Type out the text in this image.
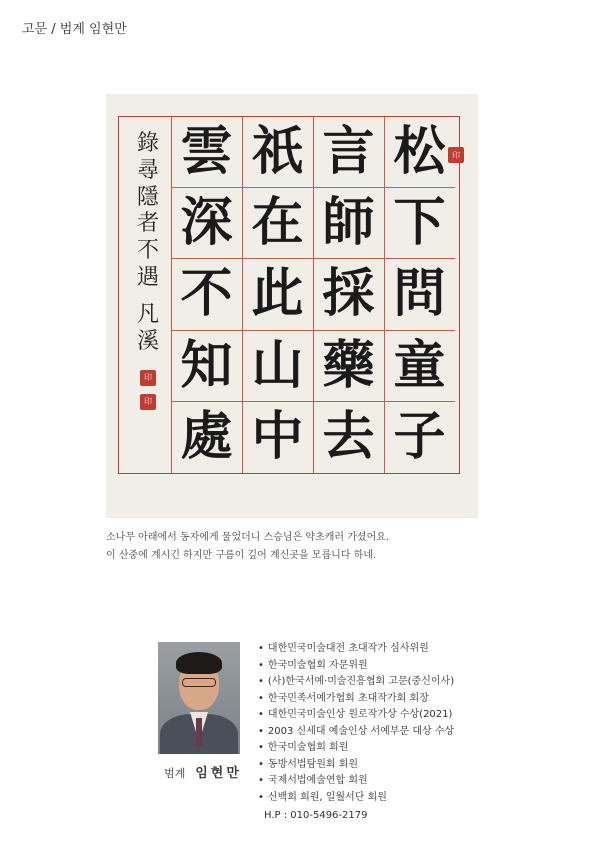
고문 / 범계 임현만
松
下
問
童
子
言
師
採
藥
去
祇
在
此
山
中
雲
深
不
知
處
錄
尋
隱
者
不
遇
凡
溪
印
印
印
소나무 아래에서 동자에게 물었더니 스승님은 약초캐러 가셨어요.
이 산중에 계시긴 하지만 구름이 깊어 계신곳을 모릅니다 하네.
범계 임현만
• 대한민국미술대전 초대작가 심사위원
• 한국미술협회 자문위원
• (사)한국서예·미술진흥협회 고문(중신이사)
• 한국민족서예가협회 초대작가회 회장
• 대한민국미술인상 원로작가상 수상(2021)
• 2003 신세대 예술인상 서예부문 대상 수상
• 한국미술협회 회원
• 동방서법탐원회 회원
• 국제서법예술연합 회원
• 신백회 회원, 일월서단 회원
H.P : 010-5496-2179
